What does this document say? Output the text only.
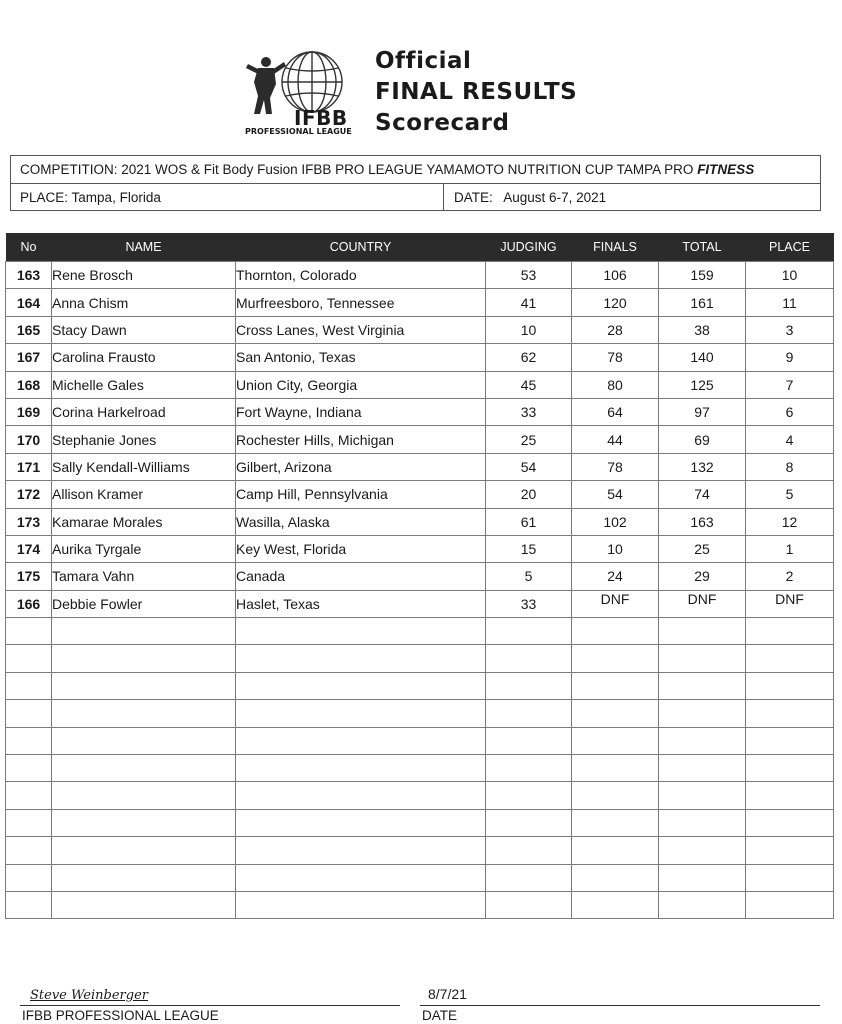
IFBB
PROFESSIONAL LEAGUE
Official
FINAL RESULTS
Scorecard
COMPETITION: 2021 WOS & Fit Body Fusion IFBB PRO LEAGUE YAMAMOTO NUTRITION CUP TAMPA PRO FITNESS
PLACE: Tampa, Florida	DATE: August 6-7, 2021
No	NAME	COUNTRY	JUDGING	FINALS	TOTAL	PLACE
163	Rene Brosch	Thornton, Colorado	53	106	159	10
164	Anna Chism	Murfreesboro, Tennessee	41	120	161	11
165	Stacy Dawn	Cross Lanes, West Virginia	10	28	38	3
167	Carolina Frausto	San Antonio, Texas	62	78	140	9
168	Michelle Gales	Union City, Georgia	45	80	125	7
169	Corina Harkelroad	Fort Wayne, Indiana	33	64	97	6
170	Stephanie Jones	Rochester Hills, Michigan	25	44	69	4
171	Sally Kendall-Williams	Gilbert, Arizona	54	78	132	8
172	Allison Kramer	Camp Hill, Pennsylvania	20	54	74	5
173	Kamarae Morales	Wasilla, Alaska	61	102	163	12
174	Aurika Tyrgale	Key West, Florida	15	10	25	1
175	Tamara Vahn	Canada	5	24	29	2
166	Debbie Fowler	Haslet, Texas	33	DNF	DNF	DNF

Steve Weinberger
IFBB PROFESSIONAL LEAGUE
8/7/21
DATE
